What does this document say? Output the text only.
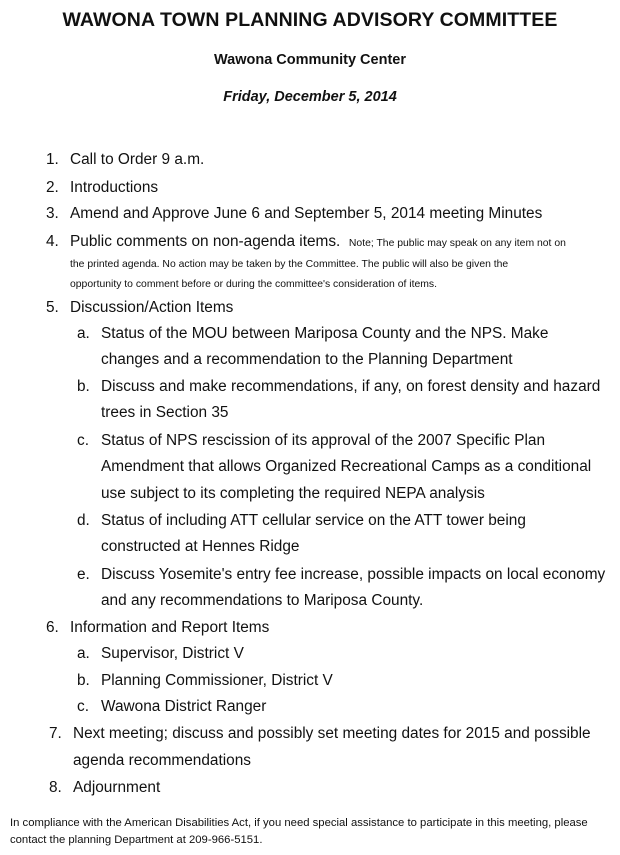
WAWONA TOWN PLANNING ADVISORY COMMITTEE
Wawona Community Center
Friday, December 5, 2014
1. Call to Order 9 a.m.
2. Introductions
3. Amend and Approve June 6 and September 5, 2014 meeting Minutes
4. Public comments on non-agenda items. Note; The public may speak on any item not on
the printed agenda. No action may be taken by the Committee. The public will also be given the
opportunity to comment before or during the committee's consideration of items.
5. Discussion/Action Items
a. Status of the MOU between Mariposa County and the NPS. Make
changes and a recommendation to the Planning Department
b. Discuss and make recommendations, if any, on forest density and hazard
trees in Section 35
c. Status of NPS rescission of its approval of the 2007 Specific Plan
Amendment that allows Organized Recreational Camps as a conditional
use subject to its completing the required NEPA analysis
d. Status of including ATT cellular service on the ATT tower being
constructed at Hennes Ridge
e. Discuss Yosemite's entry fee increase, possible impacts on local economy
and any recommendations to Mariposa County.
6. Information and Report Items
a. Supervisor, District V
b. Planning Commissioner, District V
c. Wawona District Ranger
7. Next meeting; discuss and possibly set meeting dates for 2015 and possible
agenda recommendations
8. Adjournment
In compliance with the American Disabilities Act, if you need special assistance to participate in this meeting, please
contact the planning Department at 209-966-5151.
